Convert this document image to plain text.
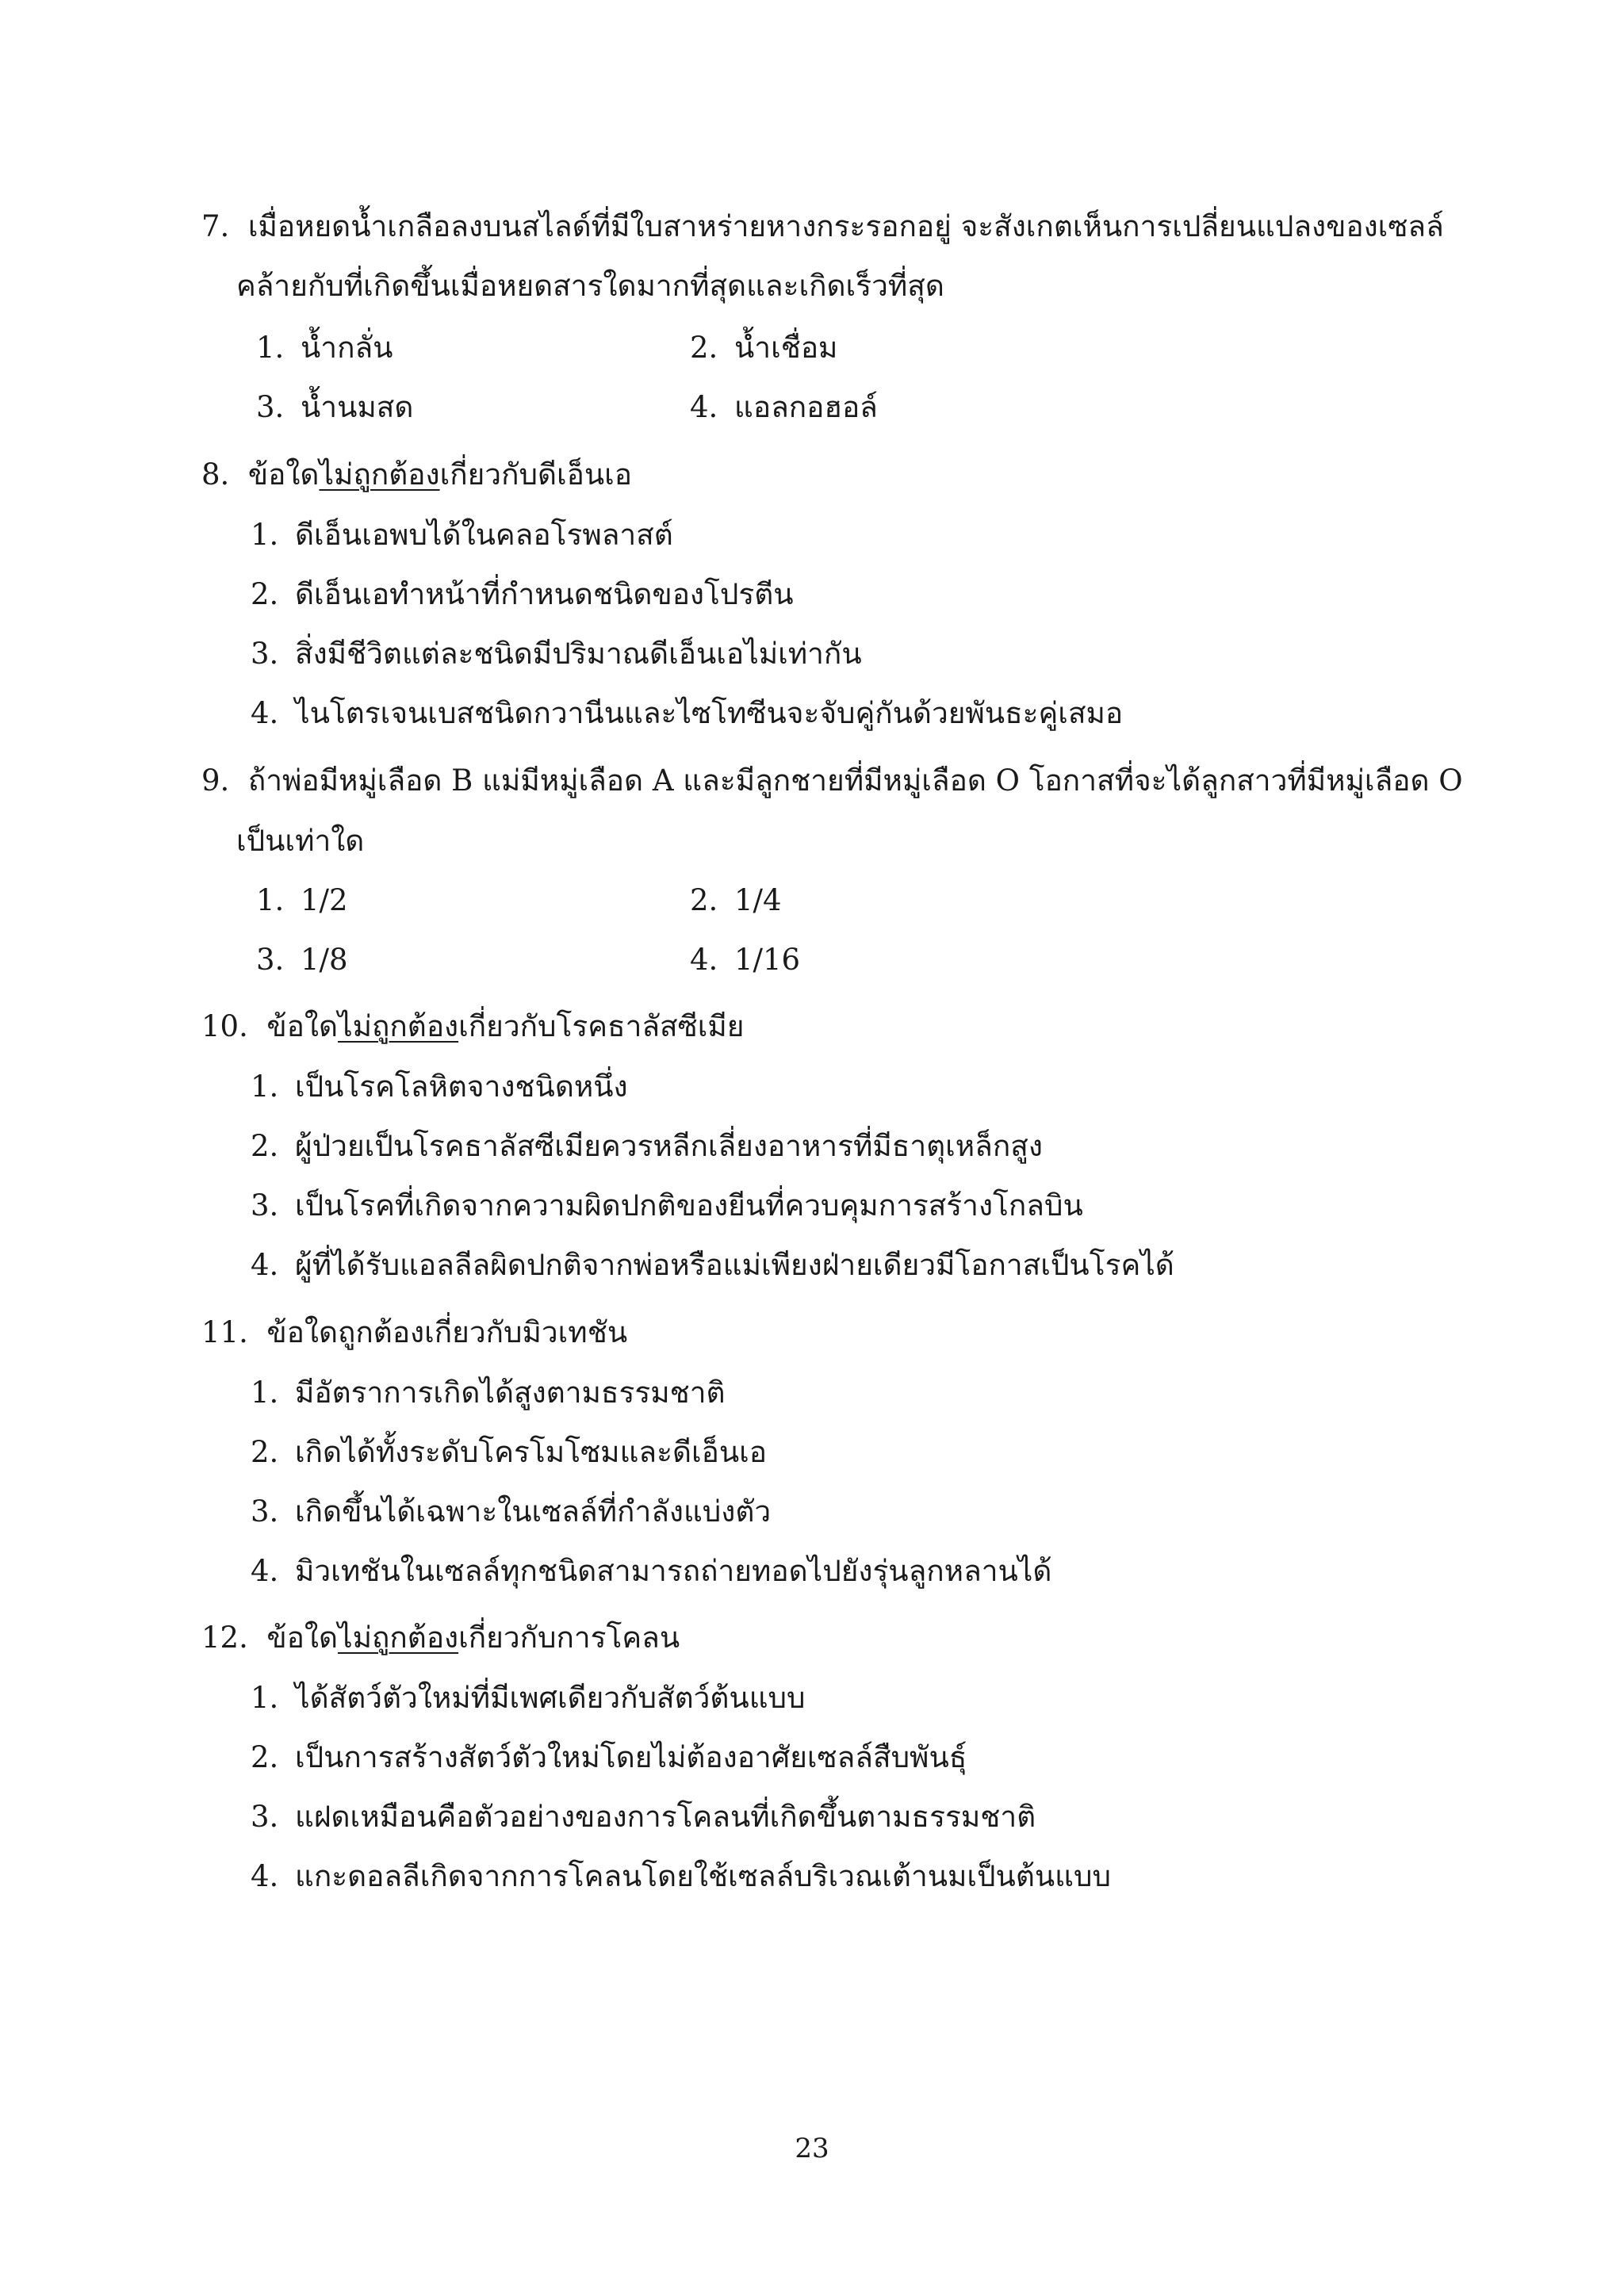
7. เมื่อหยดน้ำเกลือลงบนสไลด์ที่มีใบสาหร่ายหางกระรอกอยู่ จะสังเกตเห็นการเปลี่ยนแปลงของเซลล์
คล้ายกับที่เกิดขึ้นเมื่อหยดสารใดมากที่สุดและเกิดเร็วที่สุด
1. น้ำกลั่น	2. น้ำเชื่อม
3. น้ำนมสด	4. แอลกอฮอล์
8. ข้อใดไม่ถูกต้องเกี่ยวกับดีเอ็นเอ
1. ดีเอ็นเอพบได้ในคลอโรพลาสต์
2. ดีเอ็นเอทำหน้าที่กำหนดชนิดของโปรตีน
3. สิ่งมีชีวิตแต่ละชนิดมีปริมาณดีเอ็นเอไม่เท่ากัน
4. ไนโตรเจนเบสชนิดกวานีนและไซโทซีนจะจับคู่กันด้วยพันธะคู่เสมอ
9. ถ้าพ่อมีหมู่เลือด B แม่มีหมู่เลือด A และมีลูกชายที่มีหมู่เลือด O โอกาสที่จะได้ลูกสาวที่มีหมู่เลือด O
เป็นเท่าใด
1. 1/2	2. 1/4
3. 1/8	4. 1/16
10. ข้อใดไม่ถูกต้องเกี่ยวกับโรคธาลัสซีเมีย
1. เป็นโรคโลหิตจางชนิดหนึ่ง
2. ผู้ป่วยเป็นโรคธาลัสซีเมียควรหลีกเลี่ยงอาหารที่มีธาตุเหล็กสูง
3. เป็นโรคที่เกิดจากความผิดปกติของยีนที่ควบคุมการสร้างโกลบิน
4. ผู้ที่ได้รับแอลลีลผิดปกติจากพ่อหรือแม่เพียงฝ่ายเดียวมีโอกาสเป็นโรคได้
11. ข้อใดถูกต้องเกี่ยวกับมิวเทชัน
1. มีอัตราการเกิดได้สูงตามธรรมชาติ
2. เกิดได้ทั้งระดับโครโมโซมและดีเอ็นเอ
3. เกิดขึ้นได้เฉพาะในเซลล์ที่กำลังแบ่งตัว
4. มิวเทชันในเซลล์ทุกชนิดสามารถถ่ายทอดไปยังรุ่นลูกหลานได้
12. ข้อใดไม่ถูกต้องเกี่ยวกับการโคลน
1. ได้สัตว์ตัวใหม่ที่มีเพศเดียวกับสัตว์ต้นแบบ
2. เป็นการสร้างสัตว์ตัวใหม่โดยไม่ต้องอาศัยเซลล์สืบพันธุ์
3. แฝดเหมือนคือตัวอย่างของการโคลนที่เกิดขึ้นตามธรรมชาติ
4. แกะดอลลีเกิดจากการโคลนโดยใช้เซลล์บริเวณเต้านมเป็นต้นแบบ
23
